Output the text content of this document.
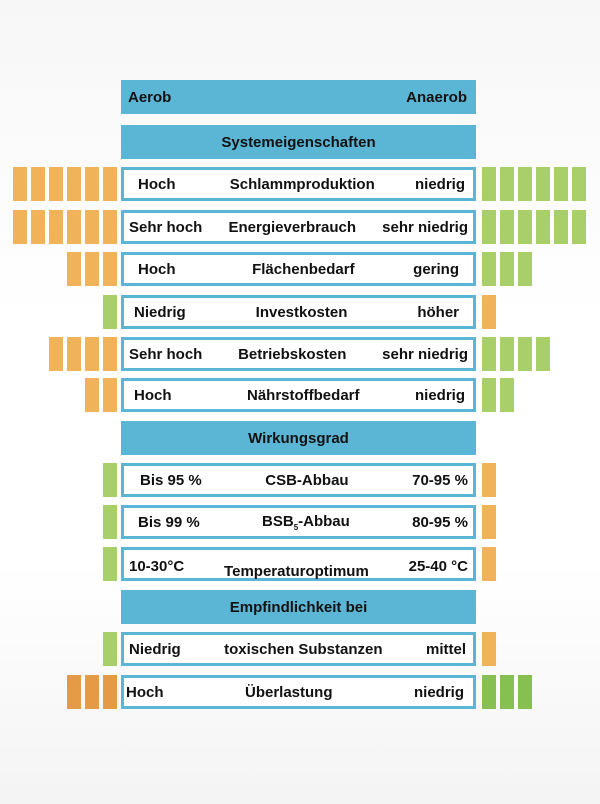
Aerob	Anaerob
Systemeigenschaften
Hoch	Schlammproduktion	niedrig
Sehr hoch	Energieverbrauch	sehr niedrig
Hoch	Flächenbedarf	gering
Niedrig	Investkosten	höher
Sehr hoch	Betriebskosten	sehr niedrig
Hoch	Nährstoffbedarf	niedrig
Wirkungsgrad
Bis 95 %	CSB-Abbau	70-95 %
Bis 99 %	$BSB_5$-Abbau	80-95 %
10-30°C	Temperaturoptimum	25-40 °C
Empfindlichkeit bei
Niedrig	toxischen Substanzen	mittel
Hoch	Überlastung	niedrig
